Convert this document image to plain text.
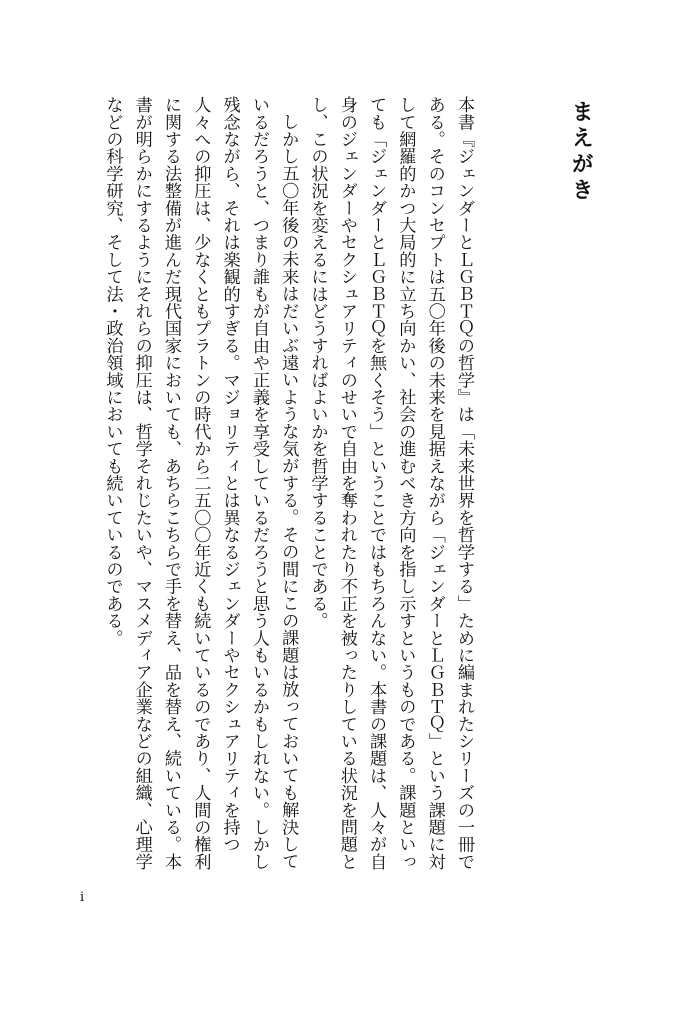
まえがき

本書『ジェンダーとＬＧＢＴＱの哲学』は「未来世界を哲学する」ために編まれたシリーズの一冊である。そのコンセプトは五〇年後の未来を見据えながら「ジェンダーとＬＧＢＴＱ」という課題に対して網羅的かつ大局的に立ち向かい、社会の進むべき方向を指し示すというものである。課題といっても「ジェンダーとＬＧＢＴＱを無くそう」ということではもちろんない。本書の課題は、人々が自身のジェンダーやセクシュアリティのせいで自由を奪われたり不正を被ったりしている状況を問題とし、この状況を変えるにはどうすればよいかを哲学することである。

しかし五〇年後の未来はだいぶ遠いような気がする。その間にこの課題は放っておいても解決しているだろうと、つまり誰もが自由や正義を享受しているだろうと思う人もいるかもしれない。しかし残念ながら、それは楽観的すぎる。マジョリティとは異なるジェンダーやセクシュアリティを持つ人々への抑圧は、少なくともプラトンの時代から二五〇〇年近くも続いているのであり、人間の権利に関する法整備が進んだ現代国家においても、あちらこちらで手を替え、品を替え、続いている。本書が明らかにするようにそれらの抑圧は、哲学それじたいや、マスメディア企業などの組織、心理学などの科学研究、そして法・政治領域においても続いているのである。

i
